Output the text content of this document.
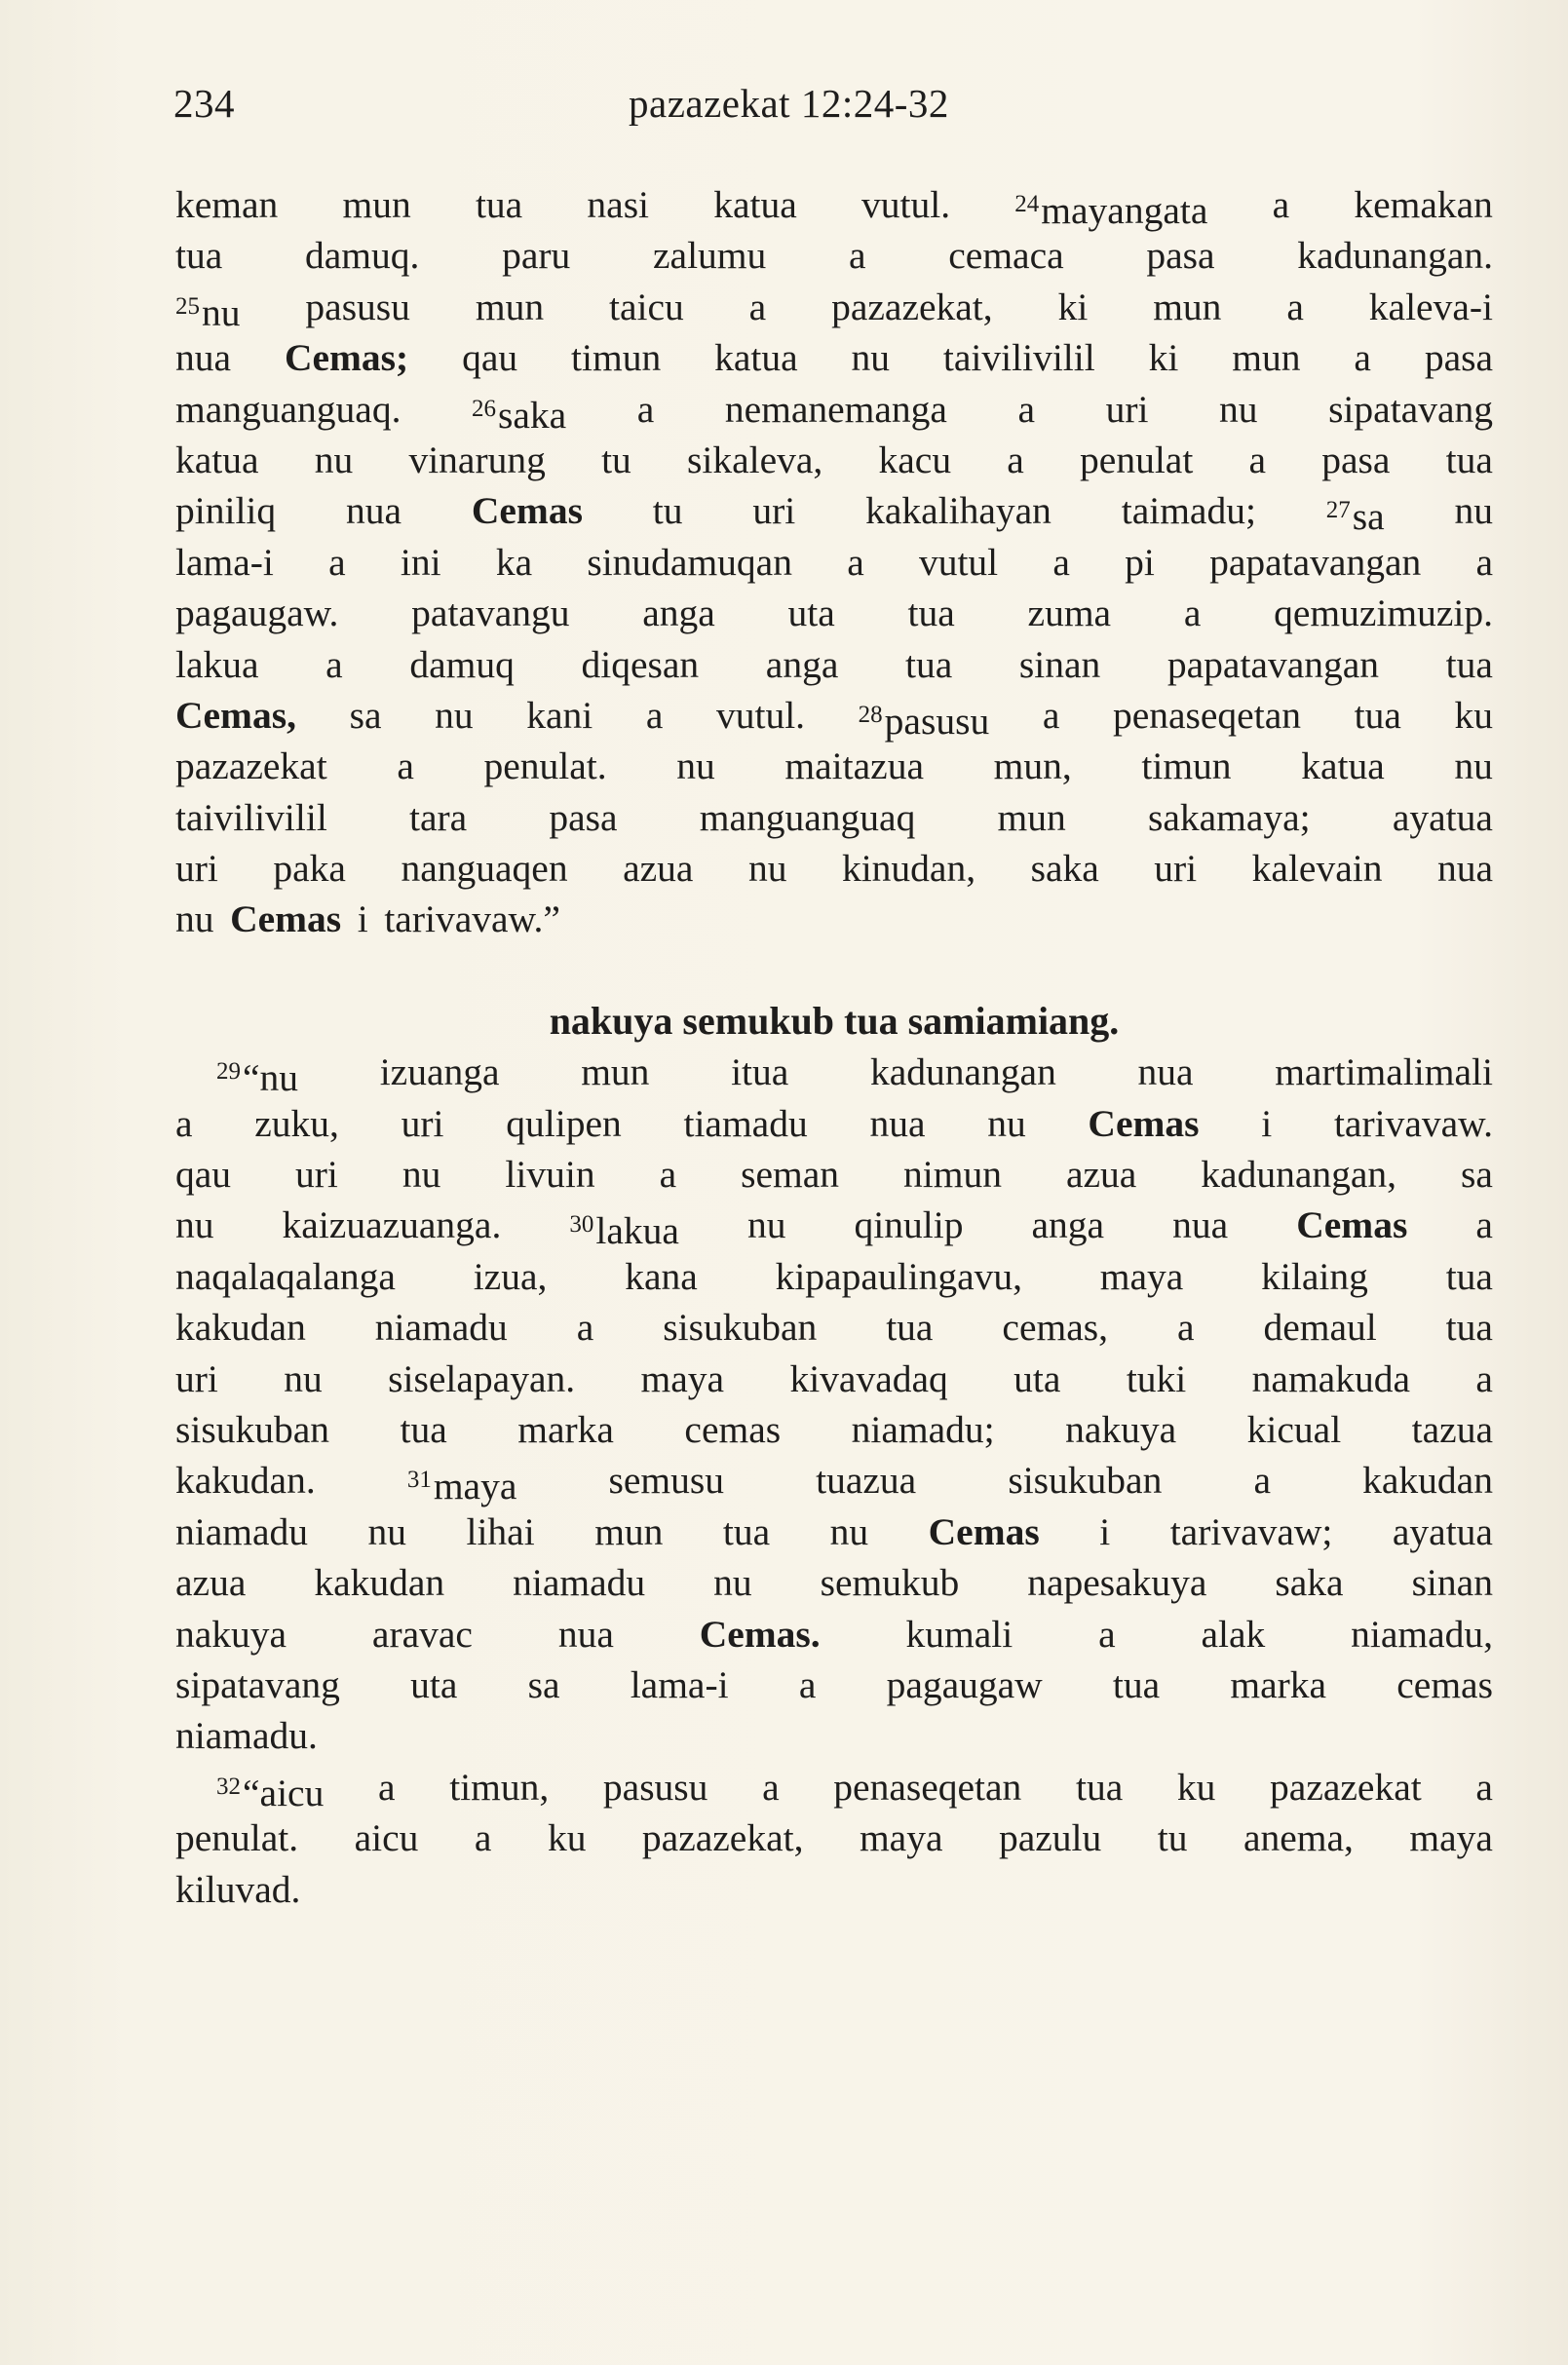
234	pazazekat 12:24-32
keman mun tua nasi katua vutul.	$^{24}$mayangata a kemakan
tua damuq. paru zalumu a cemaca pasa kadunangan.
$^{25}$nu pasusu mun taicu a pazazekat, ki mun a kaleva-i
nua Cemas; qau timun katua nu taivilivilil ki mun a pasa
manguanguaq.	$^{26}$saka a nemanemanga a uri nu sipatavang
katua nu vinarung tu sikaleva, kacu a penulat a pasa tua
piniliq nua Cemas tu uri kakalihayan taimadu;	$^{27}$sa nu
lama-i a ini ka sinudamuqan a vutul a pi papatavangan a
pagaugaw. patavangu anga uta tua zuma a qemuzimuzip.
lakua a damuq diqesan anga tua sinan papatavangan tua
Cemas, sa nu kani a vutul. $^{28}$pasusu a penaseqetan tua ku
pazazekat a penulat. nu maitazua mun, timun katua nu
taivilivilil tara pasa manguanguaq mun sakamaya; ayatua
uri paka nanguaqen azua nu kinudan, saka uri kalevain nua
nu Cemas i tarivavaw.”
nakuya semukub tua samiamiang.
$^{29}$“nu izuanga mun itua kadunangan nua martimalimali
a zuku, uri qulipen tiamadu nua nu Cemas i tarivavaw.
qau uri nu livuin a seman nimun azua kadunangan, sa
nu kaizuazuanga.	$^{30}$lakua nu qinulip anga nua Cemas a
naqalaqalanga izua, kana kipapaulingavu, maya kilaing tua
kakudan niamadu a sisukuban tua cemas, a demaul tua
uri nu siselapayan. maya kivavadaq uta tuki namakuda a
sisukuban tua marka cemas niamadu; nakuya kicual tazua
kakudan.	$^{31}$maya semusu tuazua sisukuban a kakudan
niamadu nu lihai mun tua nu Cemas i tarivavaw; ayatua
azua kakudan niamadu nu semukub napesakuya saka sinan
nakuya aravac nua Cemas. kumali a alak niamadu,
sipatavang uta sa lama-i a pagaugaw tua marka cemas
niamadu.
$^{32}$“aicu a timun, pasusu a penaseqetan tua ku pazazekat a
penulat. aicu a ku pazazekat, maya pazulu tu anema, maya
kiluvad.
